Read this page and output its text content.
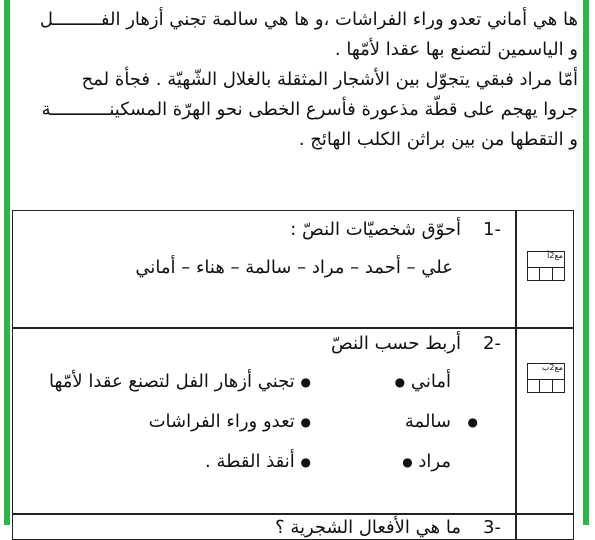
ها هي أماني تعدو وراء الفراشات ،و ها هي سالمة تجني أزهار الفـــــــــل
و الياسمين لتصنع بها عقدا لأمّها .
أمّا مراد فبقي يتجوّل بين الأشجار المثقلة بالغلال الشّهيّة . فجأة لمح
جروا يهجم على قطّة مذعورة فأسرع الخطى نحو الهرّة المسكينـــــــــــة
و التقطها من بين براثن الكلب الهائج .
-1
أحوّق شخصيّات النصّ :
علي – أحمد – مراد – سالمة – هناء – أماني
مع2أ
-2
أربط حسب النصّ
مع2ب
أماني ●
سالمة
مراد ●
●
● تجني أزهار الفل لتصنع عقدا لأمّها
● تعدو وراء الفراشات
● أنقذ القطة .
-3
ما هي الأفعال الشجرية ؟
